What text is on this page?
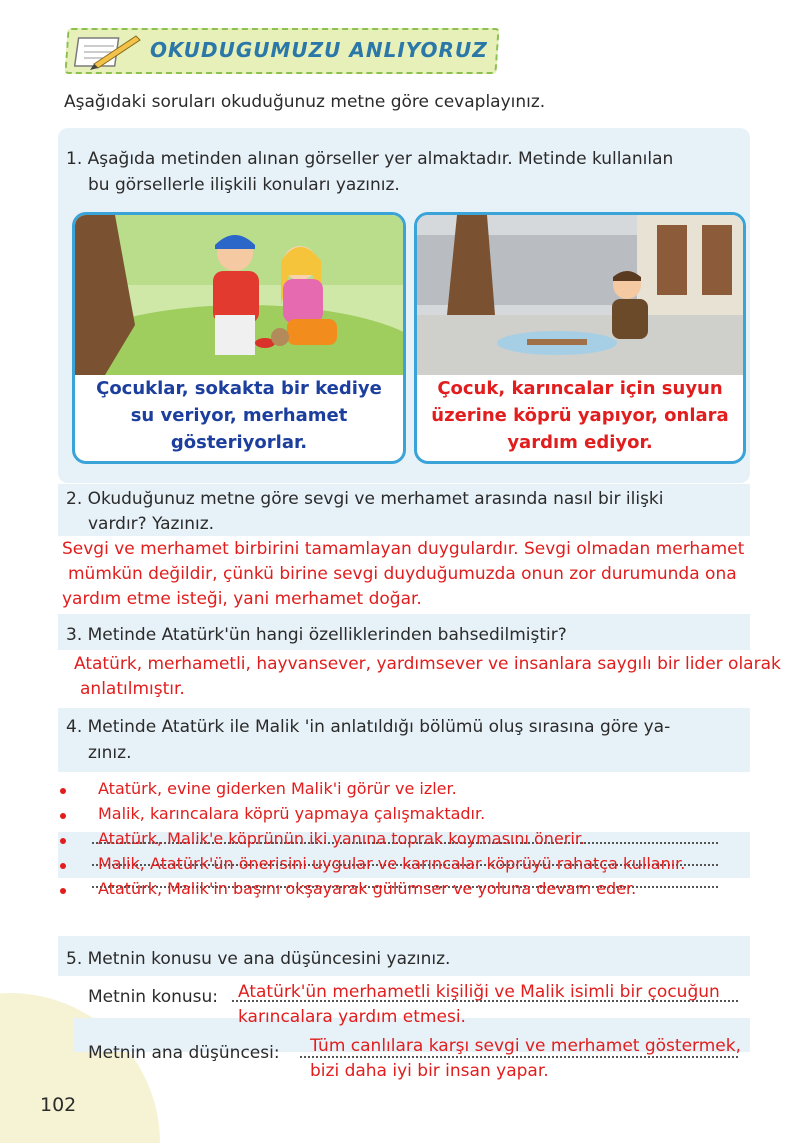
OKUDUGUMUZU ANLIYORUZ
Aşağıdaki soruları okuduğunuz metne göre cevaplayınız.
1. Aşağıda metinden alınan görseller yer almaktadır. Metinde kullanılan
bu görsellerle ilişkili konuları yazınız.
Çocuklar, sokakta bir kediye
su veriyor, merhamet
gösteriyorlar.
Çocuk, karıncalar için suyun
üzerine köprü yapıyor, onlara
yardım ediyor.
2. Okuduğunuz metne göre sevgi ve merhamet arasında nasıl bir ilişki
vardır? Yazınız.
Sevgi ve merhamet birbirini tamamlayan duygulardır. Sevgi olmadan merhamet
mümkün değildir, çünkü birine sevgi duyduğumuzda onun zor durumunda ona
yardım etme isteği, yani merhamet doğar.
3. Metinde Atatürk'ün hangi özelliklerinden bahsedilmiştir?
Atatürk, merhametli, hayvansever, yardımsever ve insanlara saygılı bir lider olarak
anlatılmıştır.
4. Metinde Atatürk ile Malik 'in anlatıldığı bölümü oluş sırasına göre ya-
zınız.
Atatürk, evine giderken Malik'i görür ve izler.
Malik, karıncalara köprü yapmaya çalışmaktadır.
Atatürk, Malik'e köprünün iki yanına toprak koymasını önerir.
Malik, Atatürk'ün önerisini uygular ve karıncalar köprüyü rahatça kullanır.
Atatürk, Malik'in başını okşayarak gülümser ve yoluna devam eder.
5. Metnin konusu ve ana düşüncesini yazınız.
Metnin konusu: Atatürk'ün merhametli kişiliği ve Malik isimli bir çocuğun
karıncalara yardım etmesi.
Metnin ana düşüncesi: Tüm canlılara karşı sevgi ve merhamet göstermek,
bizi daha iyi bir insan yapar.
102
